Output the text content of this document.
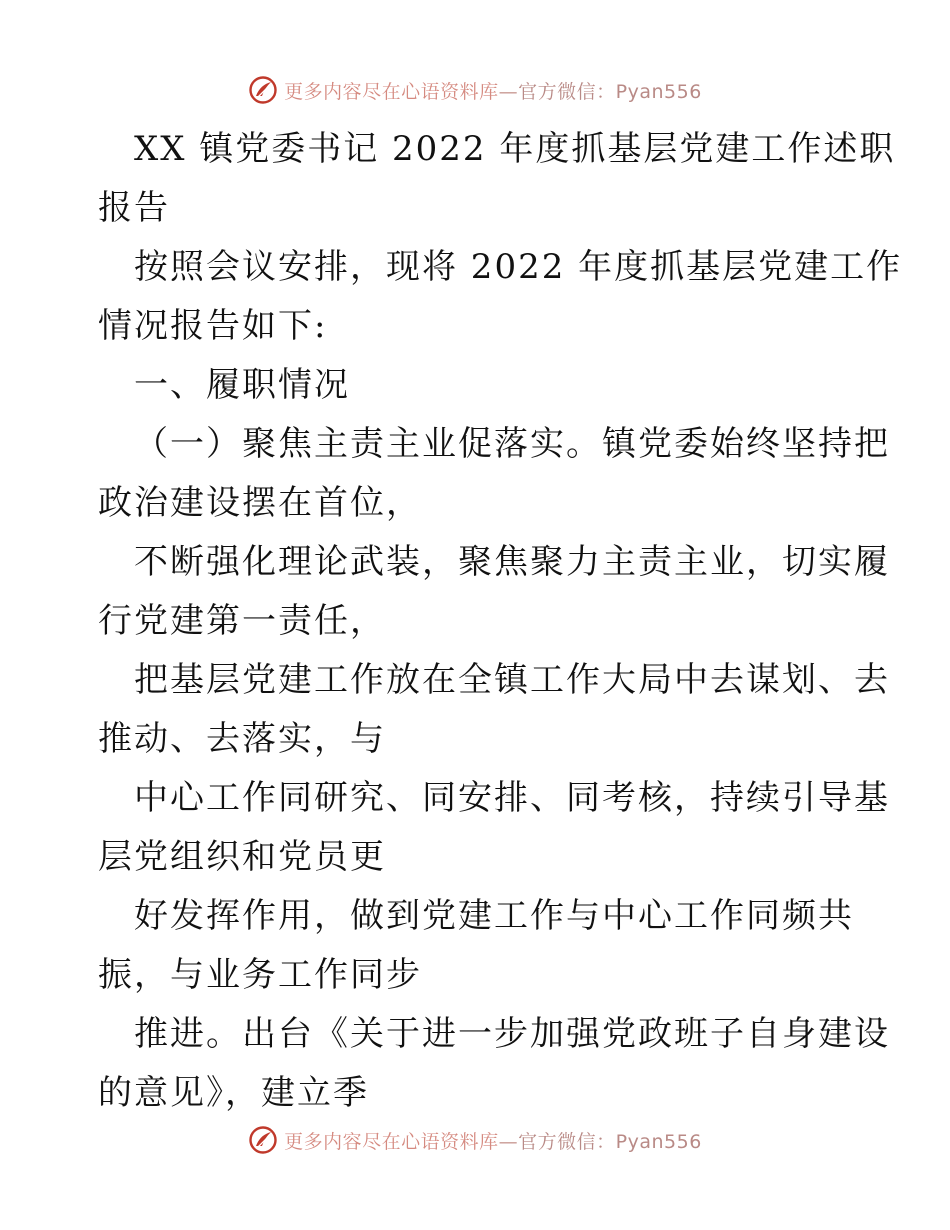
更多内容尽在心语资料库—官方微信：Pyan556
XX 镇党委书记 2022 年度抓基层党建工作述职
报告
按照会议安排，现将 2022 年度抓基层党建工作
情况报告如下:
一、履职情况
（一）聚焦主责主业促落实。镇党委始终坚持把
政治建设摆在首位，
不断强化理论武装，聚焦聚力主责主业，切实履
行党建第一责任，
把基层党建工作放在全镇工作大局中去谋划、去
推动、去落实，与
中心工作同研究、同安排、同考核，持续引导基
层党组织和党员更
好发挥作用，做到党建工作与中心工作同频共
振，与业务工作同步
推进。出台《关于进一步加强党政班子自身建设
的意见》，建立季
更多内容尽在心语资料库—官方微信：Pyan556
